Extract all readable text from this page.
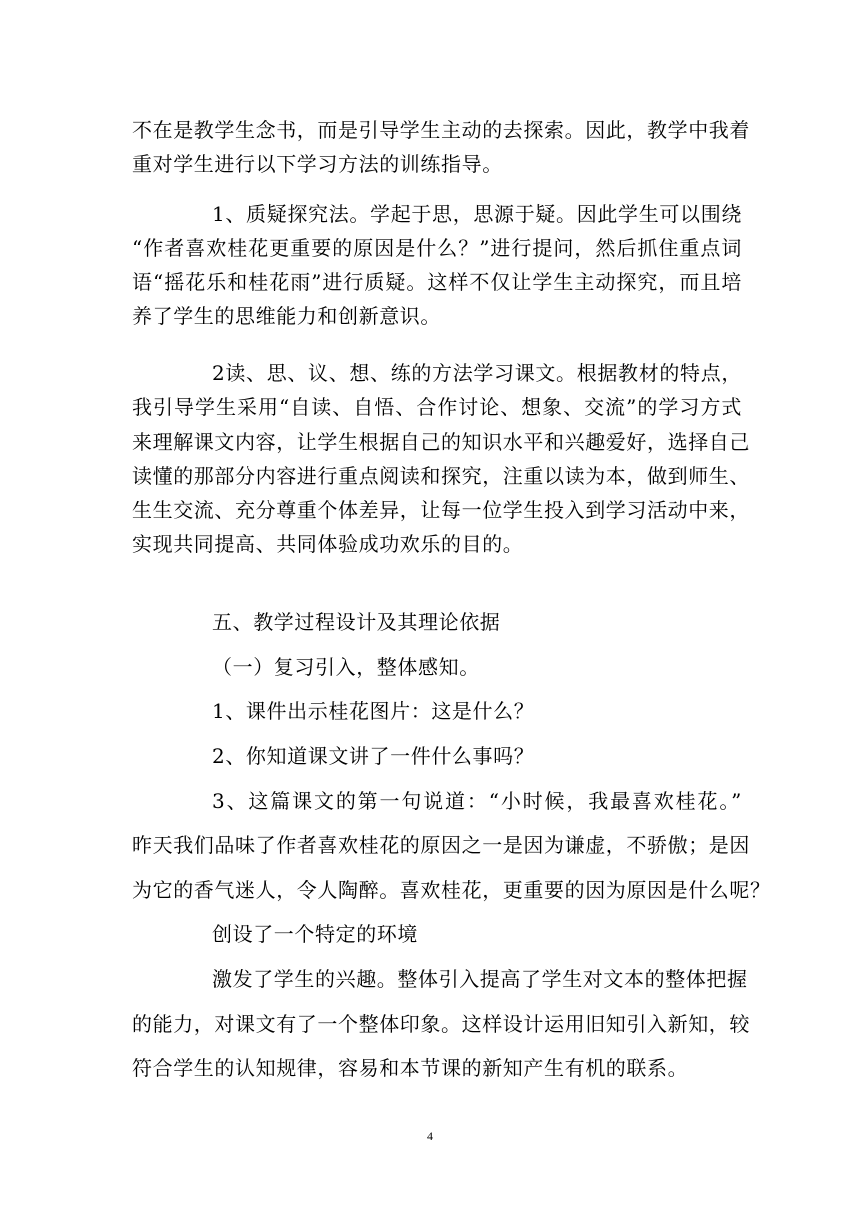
不在是教学生念书，而是引导学生主动的去探索。因此，教学中我着
重对学生进行以下学习方法的训练指导。
1、质疑探究法。学起于思，思源于疑。因此学生可以围绕
“作者喜欢桂花更重要的原因是什么？”进行提问，然后抓住重点词
语“摇花乐和桂花雨”进行质疑。这样不仅让学生主动探究，而且培
养了学生的思维能力和创新意识。
2读、思、议、想、练的方法学习课文。根据教材的特点，
我引导学生采用“自读、自悟、合作讨论、想象、交流”的学习方式
来理解课文内容，让学生根据自己的知识水平和兴趣爱好，选择自己
读懂的那部分内容进行重点阅读和探究，注重以读为本，做到师生、
生生交流、充分尊重个体差异，让每一位学生投入到学习活动中来，
实现共同提高、共同体验成功欢乐的目的。
五、教学过程设计及其理论依据
（一）复习引入，整体感知。
1、课件出示桂花图片：这是什么？
2、你知道课文讲了一件什么事吗？
3、这篇课文的第一句说道：“小时候，我最喜欢桂花。”
昨天我们品味了作者喜欢桂花的原因之一是因为谦虚，不骄傲；是因
为它的香气迷人，令人陶醉。喜欢桂花，更重要的因为原因是什么呢？
创设了一个特定的环境
激发了学生的兴趣。整体引入提高了学生对文本的整体把握
的能力，对课文有了一个整体印象。这样设计运用旧知引入新知，较
符合学生的认知规律，容易和本节课的新知产生有机的联系。
4
